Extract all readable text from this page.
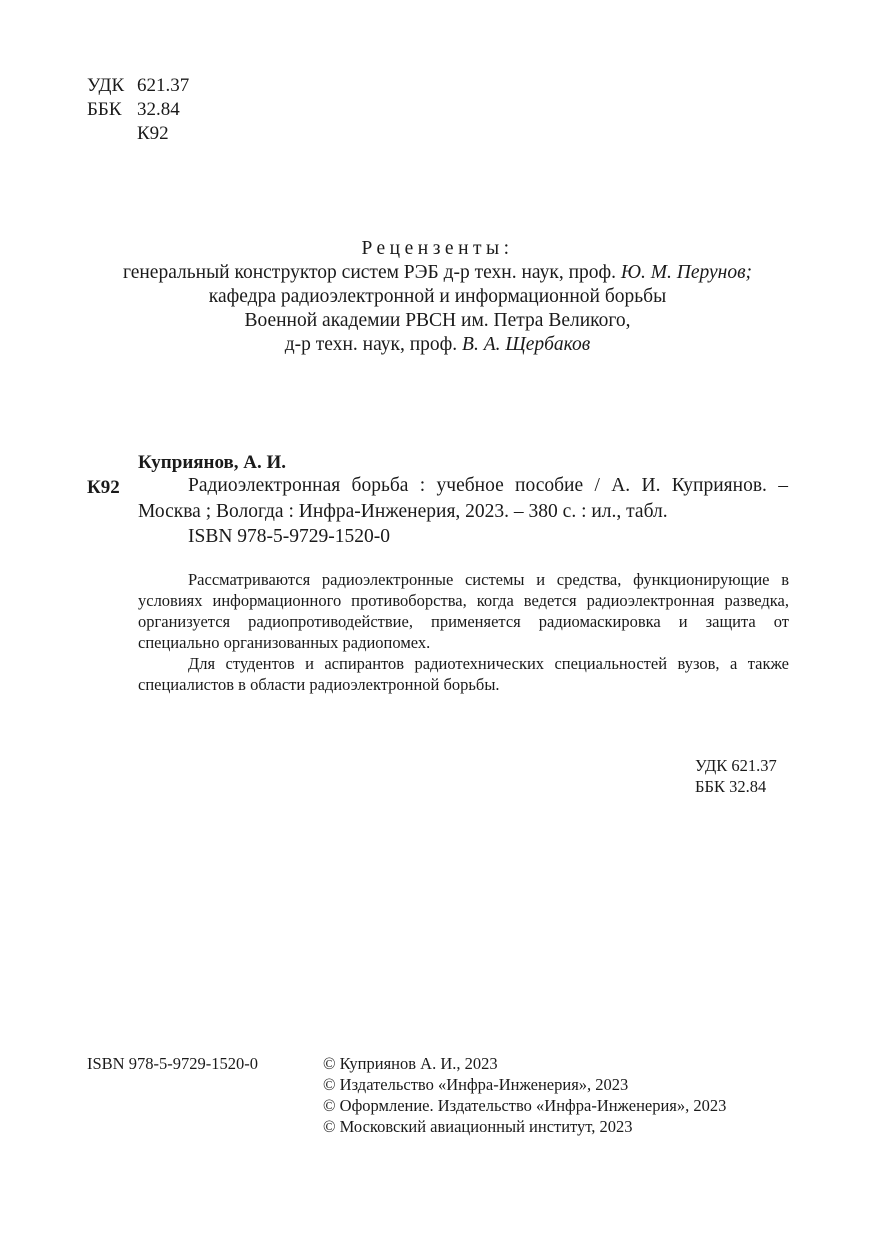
УДК 621.37
ББК 32.84
К92
Рецензенты:
генеральный конструктор систем РЭБ д-р техн. наук, проф. Ю. М. Перунов;
кафедра радиоэлектронной и информационной борьбы
Военной академии РВСН им. Петра Великого,
д-р техн. наук, проф. В. А. Щербаков
Куприянов, А. И.
К92	Радиоэлектронная борьба : учебное пособие / А. И. Куприянов. –
Москва ; Вологда : Инфра-Инженерия, 2023. – 380 с. : ил., табл.
ISBN 978-5-9729-1520-0

Рассматриваются радиоэлектронные системы и средства, функционирующие в условиях информационного противоборства, когда ведется радиоэлектронная разведка, организуется радиопротиводействие, применяется радиомаскировка и защита от специально организованных радиопомех.

Для студентов и аспирантов радиотехнических специальностей вузов, а также специалистов в области радиоэлектронной борьбы.

УДК 621.37
ББК 32.84
ISBN 978-5-9729-1520-0	© Куприянов А. И., 2023
© Издательство «Инфра-Инженерия», 2023
© Оформление. Издательство «Инфра-Инженерия», 2023
© Московский авиационный институт, 2023
